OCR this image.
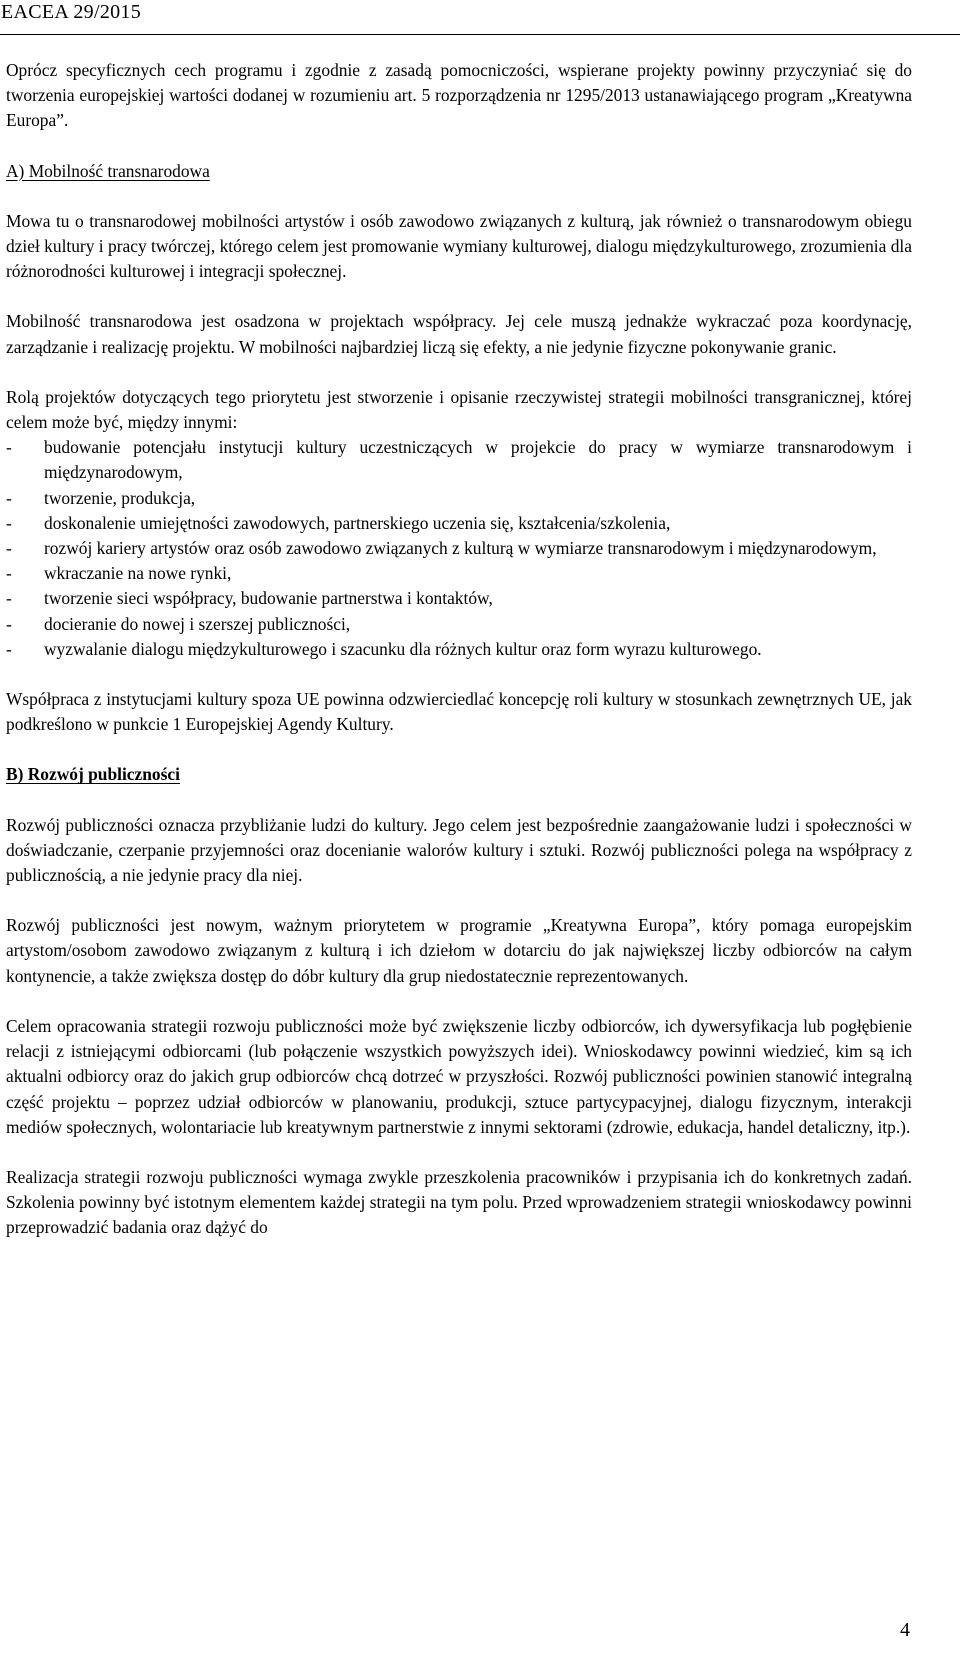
EACEA 29/2015

Oprócz specyficznych cech programu i zgodnie z zasadą pomocniczości, wspierane projekty powinny przyczyniać się do tworzenia europejskiej wartości dodanej w rozumieniu art. 5 rozporządzenia nr 1295/2013 ustanawiającego program „Kreatywna Europa”.

A) Mobilność transnarodowa

Mowa tu o transnarodowej mobilności artystów i osób zawodowo związanych z kulturą, jak również o transnarodowym obiegu dzieł kultury i pracy twórczej, którego celem jest promowanie wymiany kulturowej, dialogu międzykulturowego, zrozumienia dla różnorodności kulturowej i integracji społecznej.

Mobilność transnarodowa jest osadzona w projektach współpracy. Jej cele muszą jednakże wykraczać poza koordynację, zarządzanie i realizację projektu. W mobilności najbardziej liczą się efekty, a nie jedynie fizyczne pokonywanie granic.

Rolą projektów dotyczących tego priorytetu jest stworzenie i opisanie rzeczywistej strategii mobilności transgranicznej, której celem może być, między innymi:

- budowanie potencjału instytucji kultury uczestniczących w projekcie do pracy w wymiarze transnarodowym i międzynarodowym,
- tworzenie, produkcja,
- doskonalenie umiejętności zawodowych, partnerskiego uczenia się, kształcenia/szkolenia,
- rozwój kariery artystów oraz osób zawodowo związanych z kulturą w wymiarze transnarodowym i międzynarodowym,
- wkraczanie na nowe rynki,
- tworzenie sieci współpracy, budowanie partnerstwa i kontaktów,
- docieranie do nowej i szerszej publiczności,
- wyzwalanie dialogu międzykulturowego i szacunku dla różnych kultur oraz form wyrazu kulturowego.

Współpraca z instytucjami kultury spoza UE powinna odzwierciedlać koncepcję roli kultury w stosunkach zewnętrznych UE, jak podkreślono w punkcie 1 Europejskiej Agendy Kultury.

B) Rozwój publiczności

Rozwój publiczności oznacza przybliżanie ludzi do kultury. Jego celem jest bezpośrednie zaangażowanie ludzi i społeczności w doświadczanie, czerpanie przyjemności oraz docenianie walorów kultury i sztuki. Rozwój publiczności polega na współpracy z publicznością, a nie jedynie pracy dla niej.

Rozwój publiczności jest nowym, ważnym priorytetem w programie „Kreatywna Europa”, który pomaga europejskim artystom/osobom zawodowo związanym z kulturą i ich dziełom w dotarciu do jak największej liczby odbiorców na całym kontynencie, a także zwiększa dostęp do dóbr kultury dla grup niedostatecznie reprezentowanych.

Celem opracowania strategii rozwoju publiczności może być zwiększenie liczby odbiorców, ich dywersyfikacja lub pogłębienie relacji z istniejącymi odbiorcami (lub połączenie wszystkich powyższych idei). Wnioskodawcy powinni wiedzieć, kim są ich aktualni odbiorcy oraz do jakich grup odbiorców chcą dotrzeć w przyszłości. Rozwój publiczności powinien stanowić integralną część projektu – poprzez udział odbiorców w planowaniu, produkcji, sztuce partycypacyjnej, dialogu fizycznym, interakcji mediów społecznych, wolontariacie lub kreatywnym partnerstwie z innymi sektorami (zdrowie, edukacja, handel detaliczny, itp.).

Realizacja strategii rozwoju publiczności wymaga zwykle przeszkolenia pracowników i przypisania ich do konkretnych zadań. Szkolenia powinny być istotnym elementem każdej strategii na tym polu. Przed wprowadzeniem strategii wnioskodawcy powinni przeprowadzić badania oraz dążyć do

4
